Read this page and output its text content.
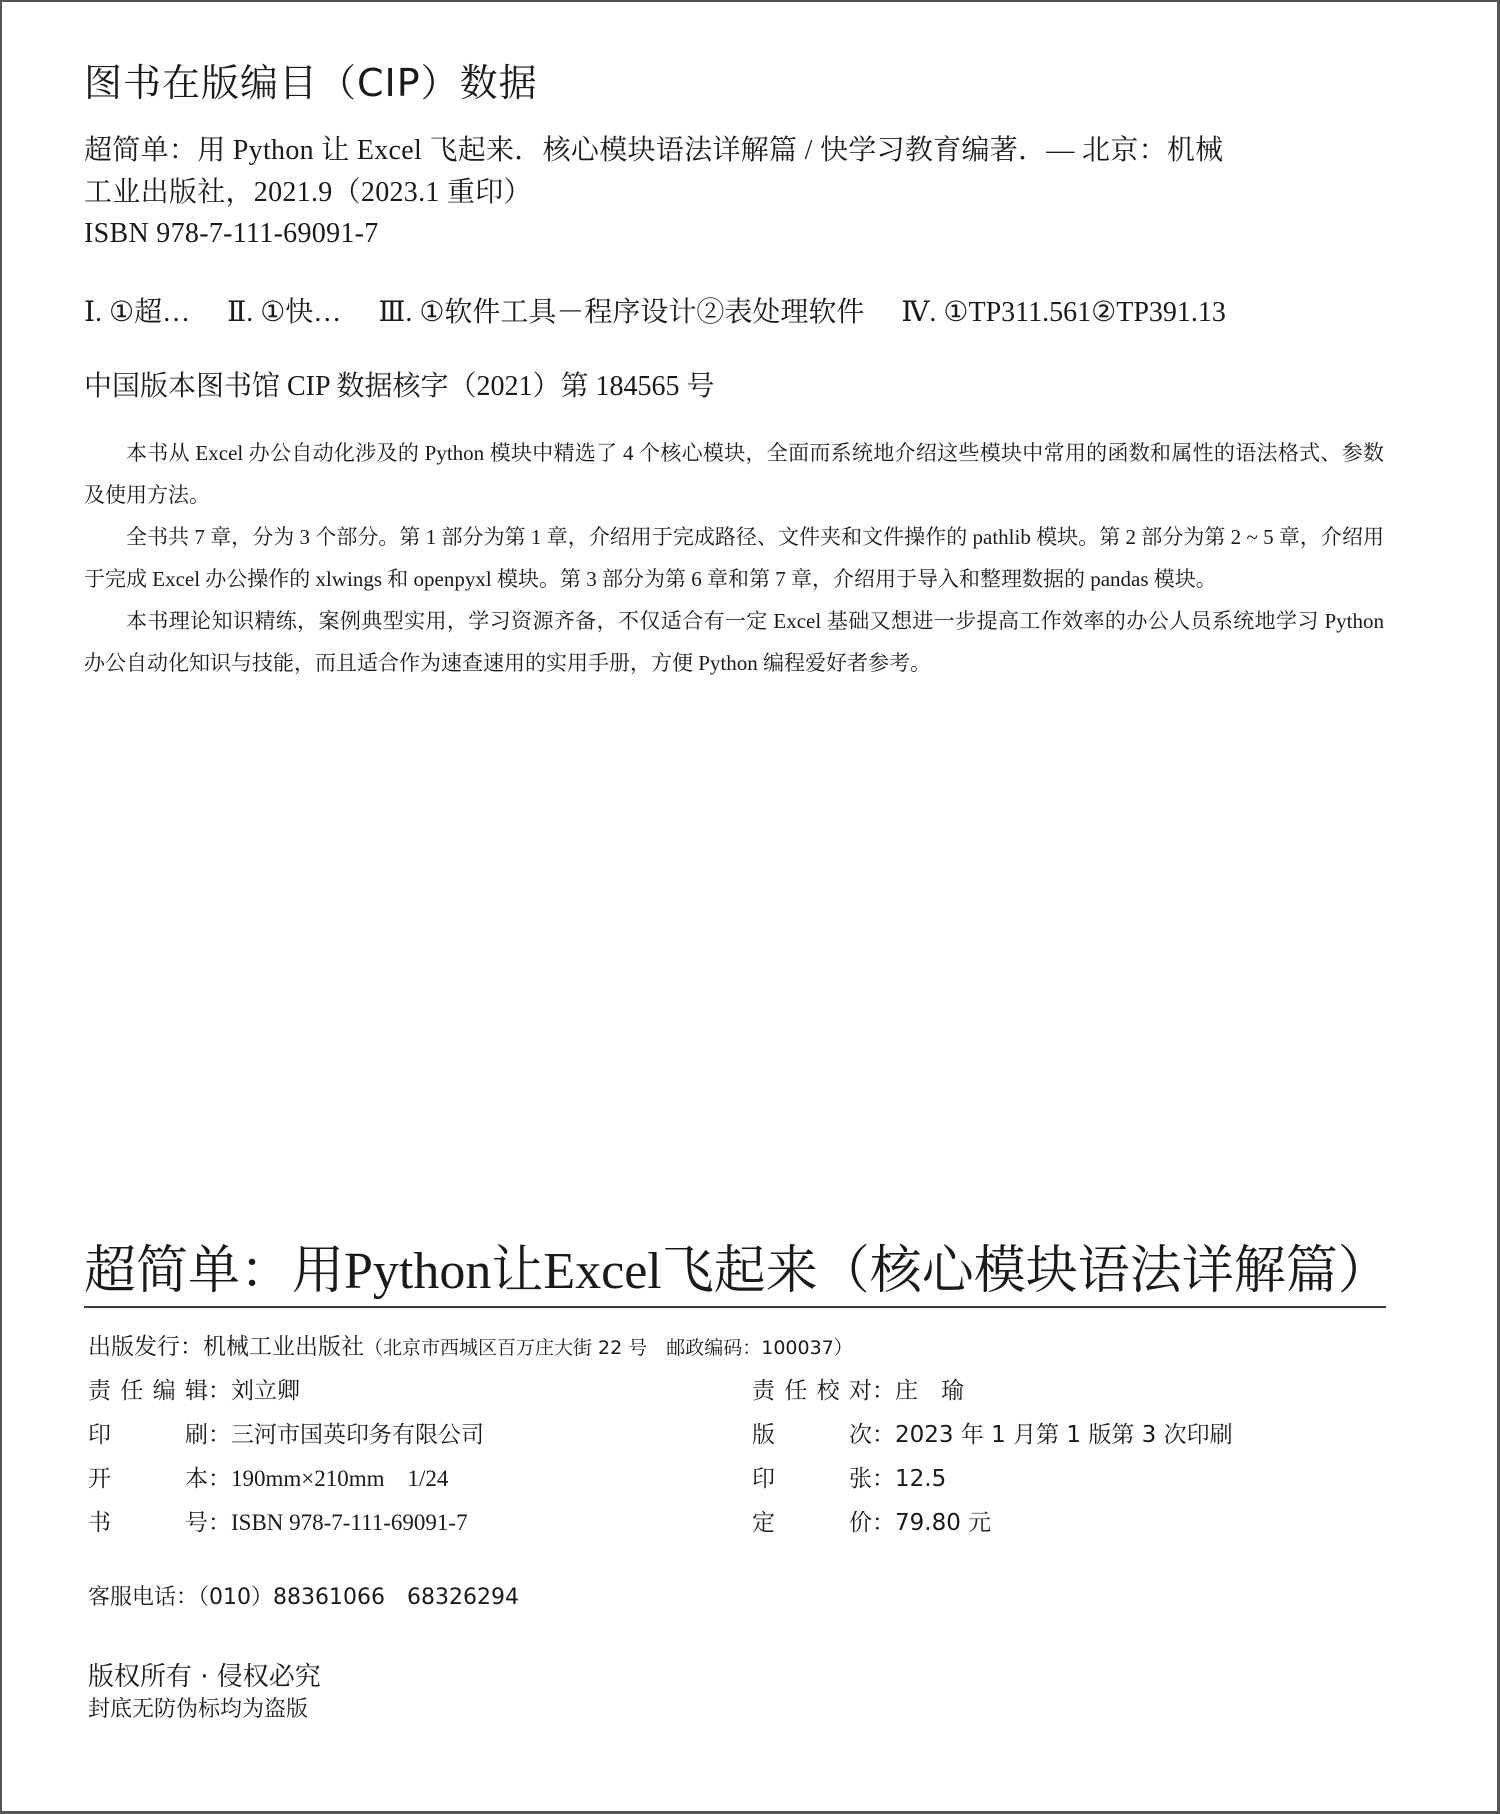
图书在版编目（CIP）数据
超简单：用 Python 让 Excel 飞起来．核心模块语法详解篇 / 快学习教育编著．— 北京：机械
工业出版社，2021.9（2023.1 重印）
ISBN 978-7-111-69091-7
Ⅰ. ①超… Ⅱ. ①快… Ⅲ. ①软件工具－程序设计②表处理软件 Ⅳ. ①TP311.561②TP391.13
中国版本图书馆 CIP 数据核字（2021）第 184565 号

本书从 Excel 办公自动化涉及的 Python 模块中精选了 4 个核心模块，全面而系统地介绍这些模块中常用的函数和属性的语法格式、参数及使用方法。

全书共 7 章，分为 3 个部分。第 1 部分为第 1 章，介绍用于完成路径、文件夹和文件操作的 pathlib 模块。第 2 部分为第 2 ~ 5 章，介绍用于完成 Excel 办公操作的 xlwings 和 openpyxl 模块。第 3 部分为第 6 章和第 7 章，介绍用于导入和整理数据的 pandas 模块。

本书理论知识精练，案例典型实用，学习资源齐备，不仅适合有一定 Excel 基础又想进一步提高工作效率的办公人员系统地学习 Python 办公自动化知识与技能，而且适合作为速查速用的实用手册，方便 Python 编程爱好者参考。

超简单：用Python让Excel飞起来（核心模块语法详解篇）
出版发行：机械工业出版社（北京市西城区百万庄大街 22 号　邮政编码：100037）
责任编辑：刘立卿
印刷：三河市国英印务有限公司
开本：190mm×210mm　1/24
书号：ISBN 978-7-111-69091-7
责任校对：庄　瑜
版次：2023 年 1 月第 1 版第 3 次印刷
印张：12.5
定价：79.80 元
客服电话：（010）88361066　68326294
版权所有 · 侵权必究
封底无防伪标均为盗版
